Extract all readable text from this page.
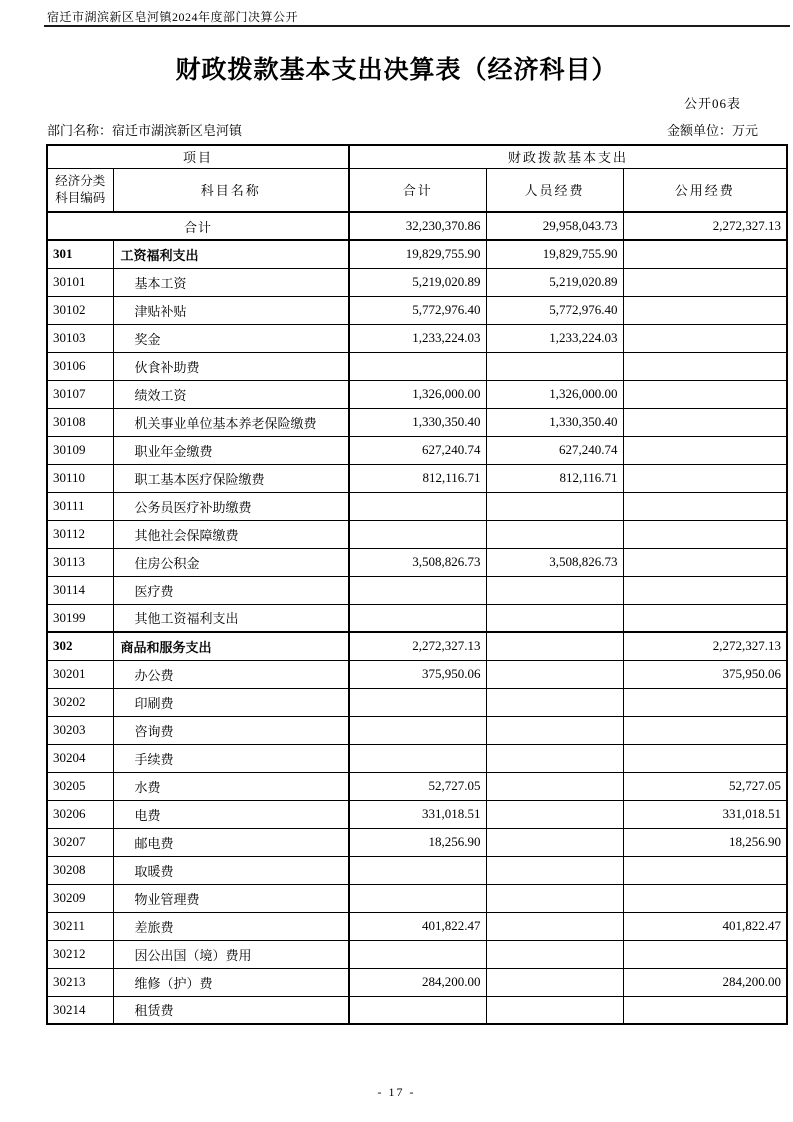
宿迁市湖滨新区皂河镇2024年度部门决算公开
财政拨款基本支出决算表（经济科目）
公开06表
部门名称：宿迁市湖滨新区皂河镇	金额单位：万元
项目		财政拨款基本支出		
经济分类
科目编码	科目名称	合计	人员经费	公用经费
合计		32,230,370.86	29,958,043.73	2,272,327.13
301	工资福利支出	19,829,755.90	19,829,755.90	
30101	基本工资	5,219,020.89	5,219,020.89	
30102	津贴补贴	5,772,976.40	5,772,976.40	
30103	奖金	1,233,224.03	1,233,224.03	
30106	伙食补助费			
30107	绩效工资	1,326,000.00	1,326,000.00	
30108	机关事业单位基本养老保险缴费	1,330,350.40	1,330,350.40	
30109	职业年金缴费	627,240.74	627,240.74	
30110	职工基本医疗保险缴费	812,116.71	812,116.71	
30111	公务员医疗补助缴费			
30112	其他社会保障缴费			
30113	住房公积金	3,508,826.73	3,508,826.73	
30114	医疗费			
30199	其他工资福利支出			
302	商品和服务支出	2,272,327.13		2,272,327.13
30201	办公费	375,950.06		375,950.06
30202	印刷费			
30203	咨询费			
30204	手续费			
30205	水费	52,727.05		52,727.05
30206	电费	331,018.51		331,018.51
30207	邮电费	18,256.90		18,256.90
30208	取暖费			
30209	物业管理费			
30211	差旅费	401,822.47		401,822.47
30212	因公出国（境）费用			
30213	维修（护）费	284,200.00		284,200.00
30214	租赁费			
- 17 -
